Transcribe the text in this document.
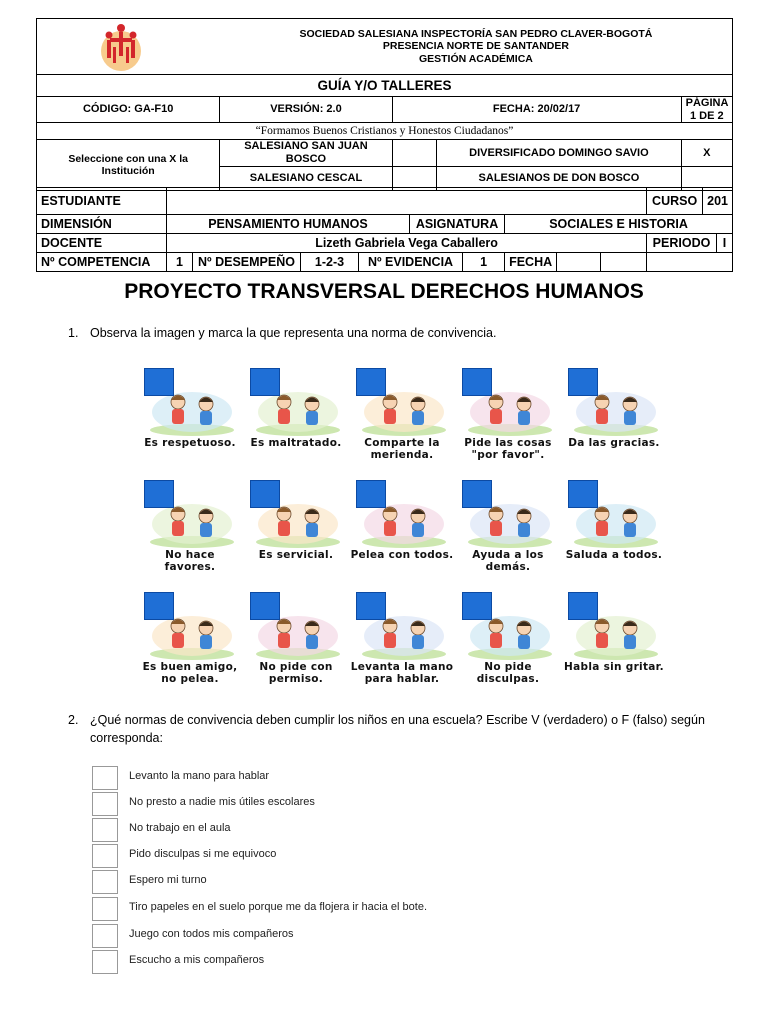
SOCIEDAD SALESIANA INSPECTORÍA SAN PEDRO CLAVER-BOGOTÁ
PRESENCIA NORTE DE SANTANDER
GESTIÓN ACADÉMICA			

GUÍA Y/O TALLERES				
CÓDIGO: GA-F10	VERSIÓN: 2.0	FECHA: 20/02/17		PÁGINA 1 DE 2
“Formamos Buenos Cristianos y Honestos Ciudadanos”				
Seleccione con una X la Institución	SALESIANO SAN JUAN BOSCO		DIVERSIFICADO DOMINGO SAVIO	X
	SALESIANO CESCAL		SALESIANOS DE DON BOSCO	
ESTUDIANTE										CURSO	201	
DIMENSIÓN	PENSAMIENTO HUMANOS				ASIGNATURA		SOCIALES E HISTORIA					
DOCENTE	Lizeth Gabriela Vega Caballero									PERIODO		I
Nº COMPETENCIA	1	Nº DESEMPEÑO	1-2-3	Nº EVIDENCIA		1	FECHA					
PROYECTO TRANSVERSAL DERECHOS HUMANOS
1. Observa la imagen y marca la que representa una norma de convivencia.
Es respetuoso.	Es maltratado.	Comparte la merienda.
Pide las cosas "por favor".
Da las gracias.
No hace favores.
Es servicial.	Pelea con todos.	Ayuda a los demás.
Saluda a todos.
Es buen amigo, no pelea.
No pide con permiso.
Levanta la mano para hablar.
No pide disculpas.
Habla sin gritar.
2. ¿Qué normas de convivencia deben cumplir los niños en una escuela? Escribe V (verdadero) o F (falso) según corresponda:
Levanto la mano para hablar
No presto a nadie mis útiles escolares
No trabajo en el aula
Pido disculpas si me equivoco
Espero mi turno
Tiro papeles en el suelo porque me da flojera ir hacia el bote.
Juego con todos mis compañeros
Escucho a mis compañeros
